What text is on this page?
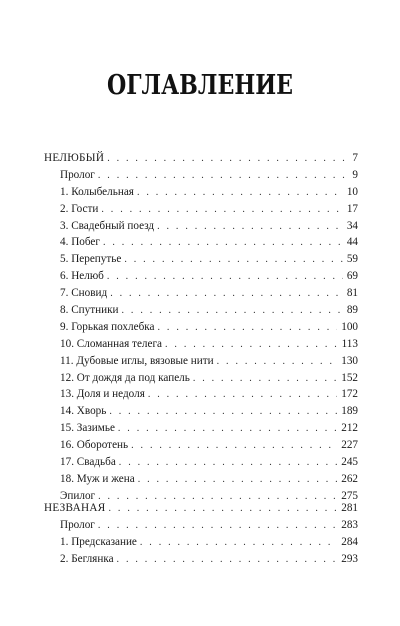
ОГЛАВЛЕНИЕ
НЕЛЮБЫЙ . . .	7
Пролог . . .	9
1. Колыбельная . . .	10
2. Гости . . .	17
3. Свадебный поезд . . .	34
4. Побег . . .	44
5. Перепутье . . .	59
6. Нелюб . . .	69
7. Сновид . . .	81
8. Спутники . . .	89
9. Горькая похлебка . . .	100
10. Сломанная телега . . .	113
11. Дубовые иглы, вязовые нити . . .	130
12. От дождя да под капель . . .	152
13. Доля и недоля . . .	172
14. Хворь . . .	189
15. Зазимье . . .	212
16. Оборотень . . .	227
17. Свадьба . . .	245
18. Муж и жена . . .	262
Эпилог . . .	275
НЕЗВАНАЯ . . .	281
Пролог . . .	283
1. Предсказание . . .	284
2. Беглянка . . .	293
